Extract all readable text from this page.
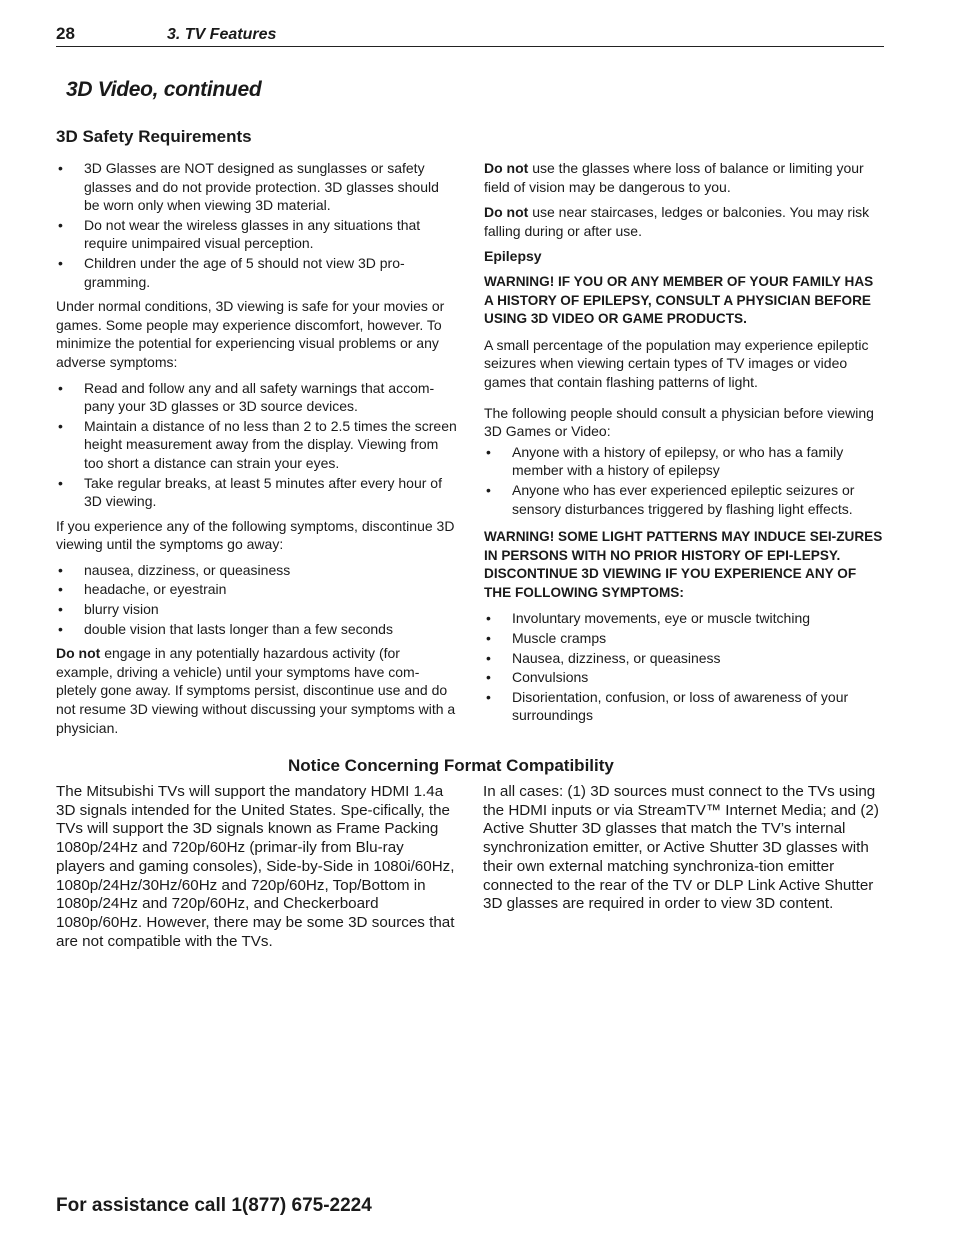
28	3. TV Features
3D Video, continued
3D Safety Requirements
• 3D Glasses are NOT designed as sunglasses or safety glasses and do not provide protection. 3D glasses should be worn only when viewing 3D material.
• Do not wear the wireless glasses in any situations that require unimpaired visual perception.
• Children under the age of 5 should not view 3D pro-gramming.

Under normal conditions, 3D viewing is safe for your movies or games. Some people may experience discomfort, however. To minimize the potential for experiencing visual problems or any adverse symptoms:

• Read and follow any and all safety warnings that accom-pany your 3D glasses or 3D source devices.
• Maintain a distance of no less than 2 to 2.5 times the screen height measurement away from the display. Viewing from too short a distance can strain your eyes.
• Take regular breaks, at least 5 minutes after every hour of 3D viewing.

If you experience any of the following symptoms, discontinue 3D viewing until the symptoms go away:

• nausea, dizziness, or queasiness
• headache, or eyestrain
• blurry vision
• double vision that lasts longer than a few seconds

Do not engage in any potentially hazardous activity (for example, driving a vehicle) until your symptoms have com-pletely gone away. If symptoms persist, discontinue use and do not resume 3D viewing without discussing your symptoms with a physician.

Do not use the glasses where loss of balance or limiting your field of vision may be dangerous to you.

Do not use near staircases, ledges or balconies. You may risk falling during or after use.

Epilepsy

WARNING! IF YOU OR ANY MEMBER OF YOUR FAMILY HAS A HISTORY OF EPILEPSY, CONSULT A PHYSICIAN BEFORE USING 3D VIDEO OR GAME PRODUCTS.

A small percentage of the population may experience epileptic seizures when viewing certain types of TV images or video games that contain flashing patterns of light.

The following people should consult a physician before viewing 3D Games or Video:

• Anyone with a history of epilepsy, or who has a family member with a history of epilepsy
• Anyone who has ever experienced epileptic seizures or sensory disturbances triggered by flashing light effects.

WARNING! SOME LIGHT PATTERNS MAY INDUCE SEI-ZURES IN PERSONS WITH NO PRIOR HISTORY OF EPI-LEPSY. DISCONTINUE 3D VIEWING IF YOU EXPERIENCE ANY OF THE FOLLOWING SYMPTOMS:

• Involuntary movements, eye or muscle twitching
• Muscle cramps
• Nausea, dizziness, or queasiness
• Convulsions
• Disorientation, confusion, or loss of awareness of your surroundings
Notice Concerning Format Compatibility

The Mitsubishi TVs will support the mandatory HDMI 1.4a 3D signals intended for the United States. Spe-cifically, the TVs will support the 3D signals known as Frame Packing 1080p/24Hz and 720p/60Hz (primar-ily from Blu-ray players and gaming consoles), Side-by-Side in 1080i/60Hz, 1080p/24Hz/30Hz/60Hz and 720p/60Hz, Top/Bottom in 1080p/24Hz and 720p/60Hz, and Checkerboard 1080p/60Hz. However, there may be some 3D sources that are not compatible with the TVs.

In all cases: (1) 3D sources must connect to the TVs using the HDMI inputs or via StreamTV™ Internet Media; and (2) Active Shutter 3D glasses that match the TV’s internal synchronization emitter, or Active Shutter 3D glasses with their own external matching synchroniza-tion emitter connected to the rear of the TV or DLP Link Active Shutter 3D glasses are required in order to view 3D content.

For assistance call 1(877) 675-2224
